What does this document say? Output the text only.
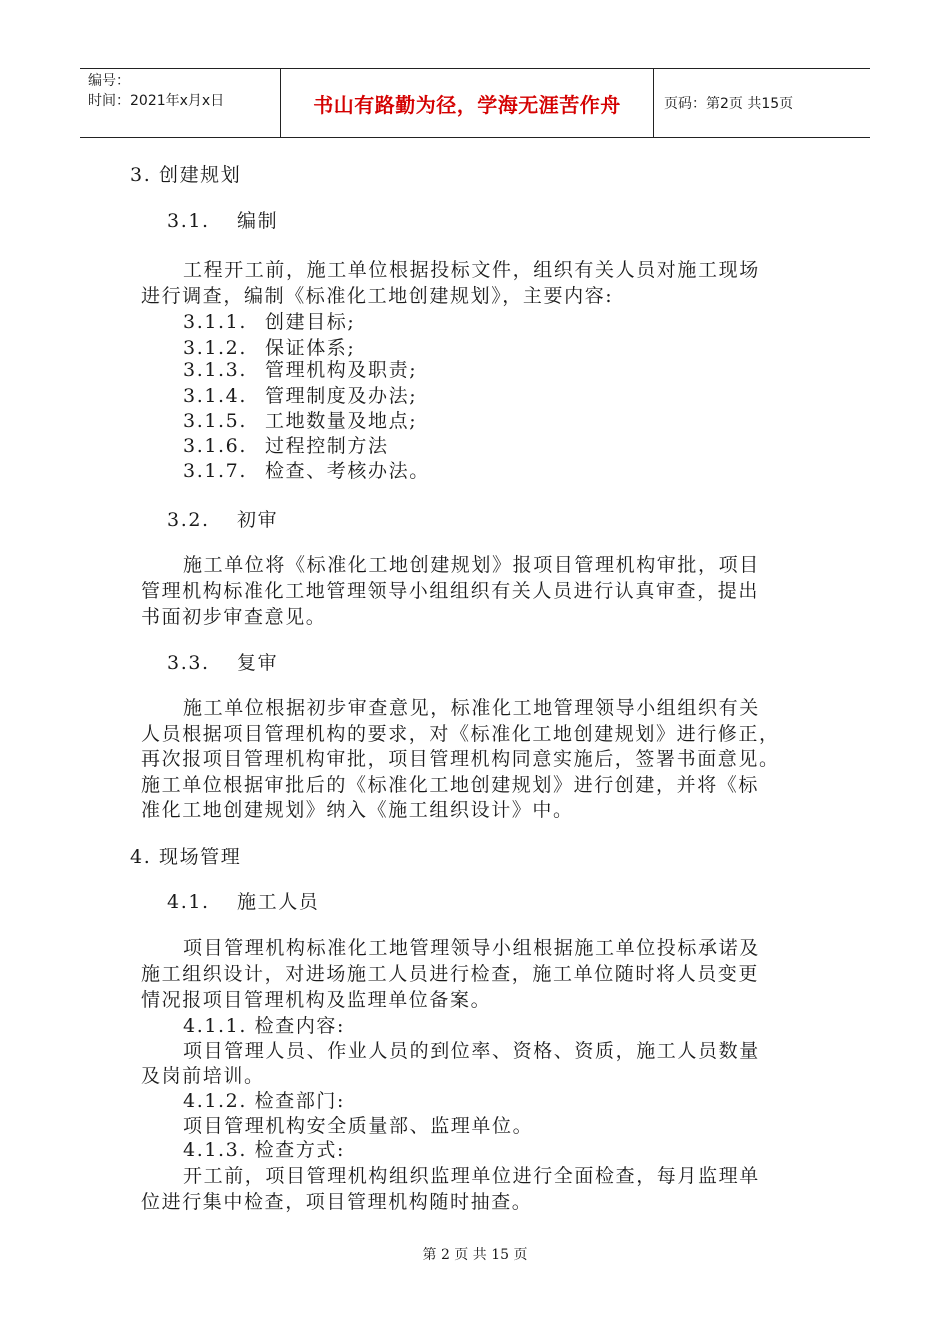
编号：
时间：2021年x月x日	书山有路勤为径，学海无涯苦作舟	页码：第2页 共15页
3. 创建规划
3.1. 编制
工程开工前，施工单位根据投标文件，组织有关人员对施工现场
进行调查，编制《标准化工地创建规划》，主要内容:
3.1.1. 创建目标;
3.1.2. 保证体系;
3.1.3. 管理机构及职责;
3.1.4. 管理制度及办法;
3.1.5. 工地数量及地点;
3.1.6. 过程控制方法
3.1.7. 检查、考核办法。
3.2. 初审
施工单位将《标准化工地创建规划》报项目管理机构审批，项目
管理机构标准化工地管理领导小组组织有关人员进行认真审查，提出
书面初步审查意见。
3.3. 复审
施工单位根据初步审查意见，标准化工地管理领导小组组织有关
人员根据项目管理机构的要求，对《标准化工地创建规划》进行修正，
再次报项目管理机构审批，项目管理机构同意实施后，签署书面意见。
施工单位根据审批后的《标准化工地创建规划》进行创建，并将《标
准化工地创建规划》纳入《施工组织设计》中。
4. 现场管理
4.1. 施工人员
项目管理机构标准化工地管理领导小组根据施工单位投标承诺及
施工组织设计，对进场施工人员进行检查，施工单位随时将人员变更
情况报项目管理机构及监理单位备案。
4.1.1. 检查内容:
项目管理人员、作业人员的到位率、资格、资质，施工人员数量
及岗前培训。
4.1.2. 检查部门:
项目管理机构安全质量部、监理单位。
4.1.3. 检查方式:
开工前，项目管理机构组织监理单位进行全面检查，每月监理单
位进行集中检查，项目管理机构随时抽查。
第 2 页 共 15 页
